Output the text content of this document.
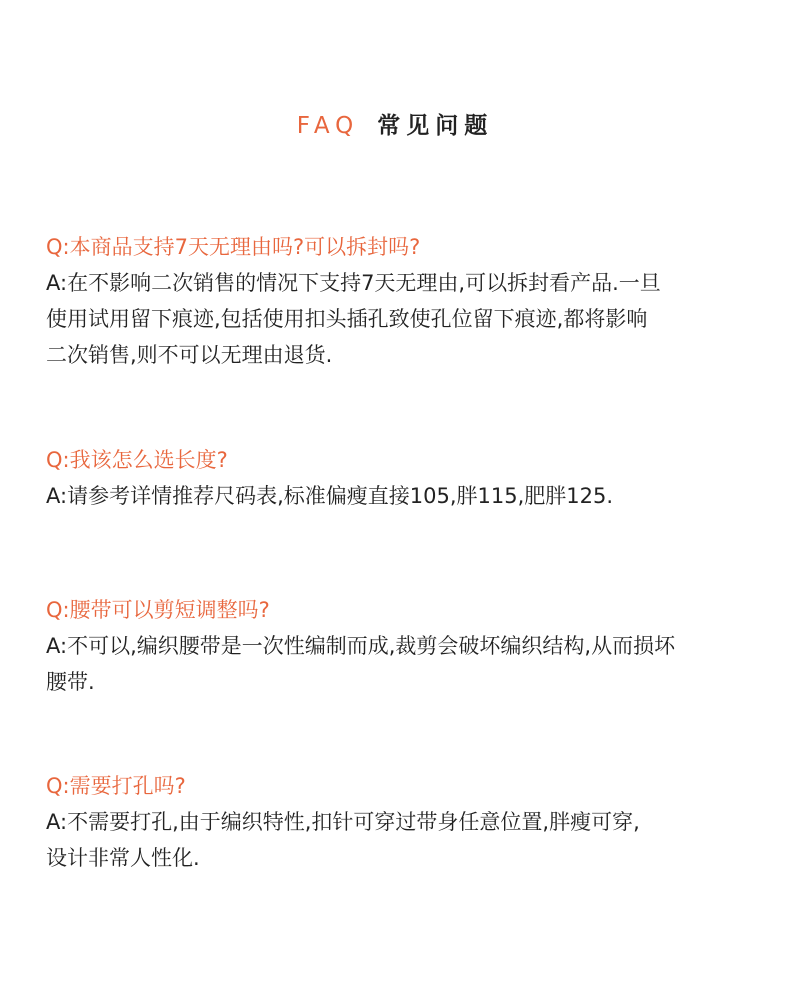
FAQ 常见问题
Q:本商品支持7天无理由吗?可以拆封吗?
A:在不影响二次销售的情况下支持7天无理由,可以拆封看产品.一旦
使用试用留下痕迹,包括使用扣头插孔致使孔位留下痕迹,都将影响
二次销售,则不可以无理由退货.
Q:我该怎么选长度?
A:请参考详情推荐尺码表,标准偏瘦直接105,胖115,肥胖125.
Q:腰带可以剪短调整吗?
A:不可以,编织腰带是一次性编制而成,裁剪会破坏编织结构,从而损坏
腰带.
Q:需要打孔吗?
A:不需要打孔,由于编织特性,扣针可穿过带身任意位置,胖瘦可穿,
设计非常人性化.
